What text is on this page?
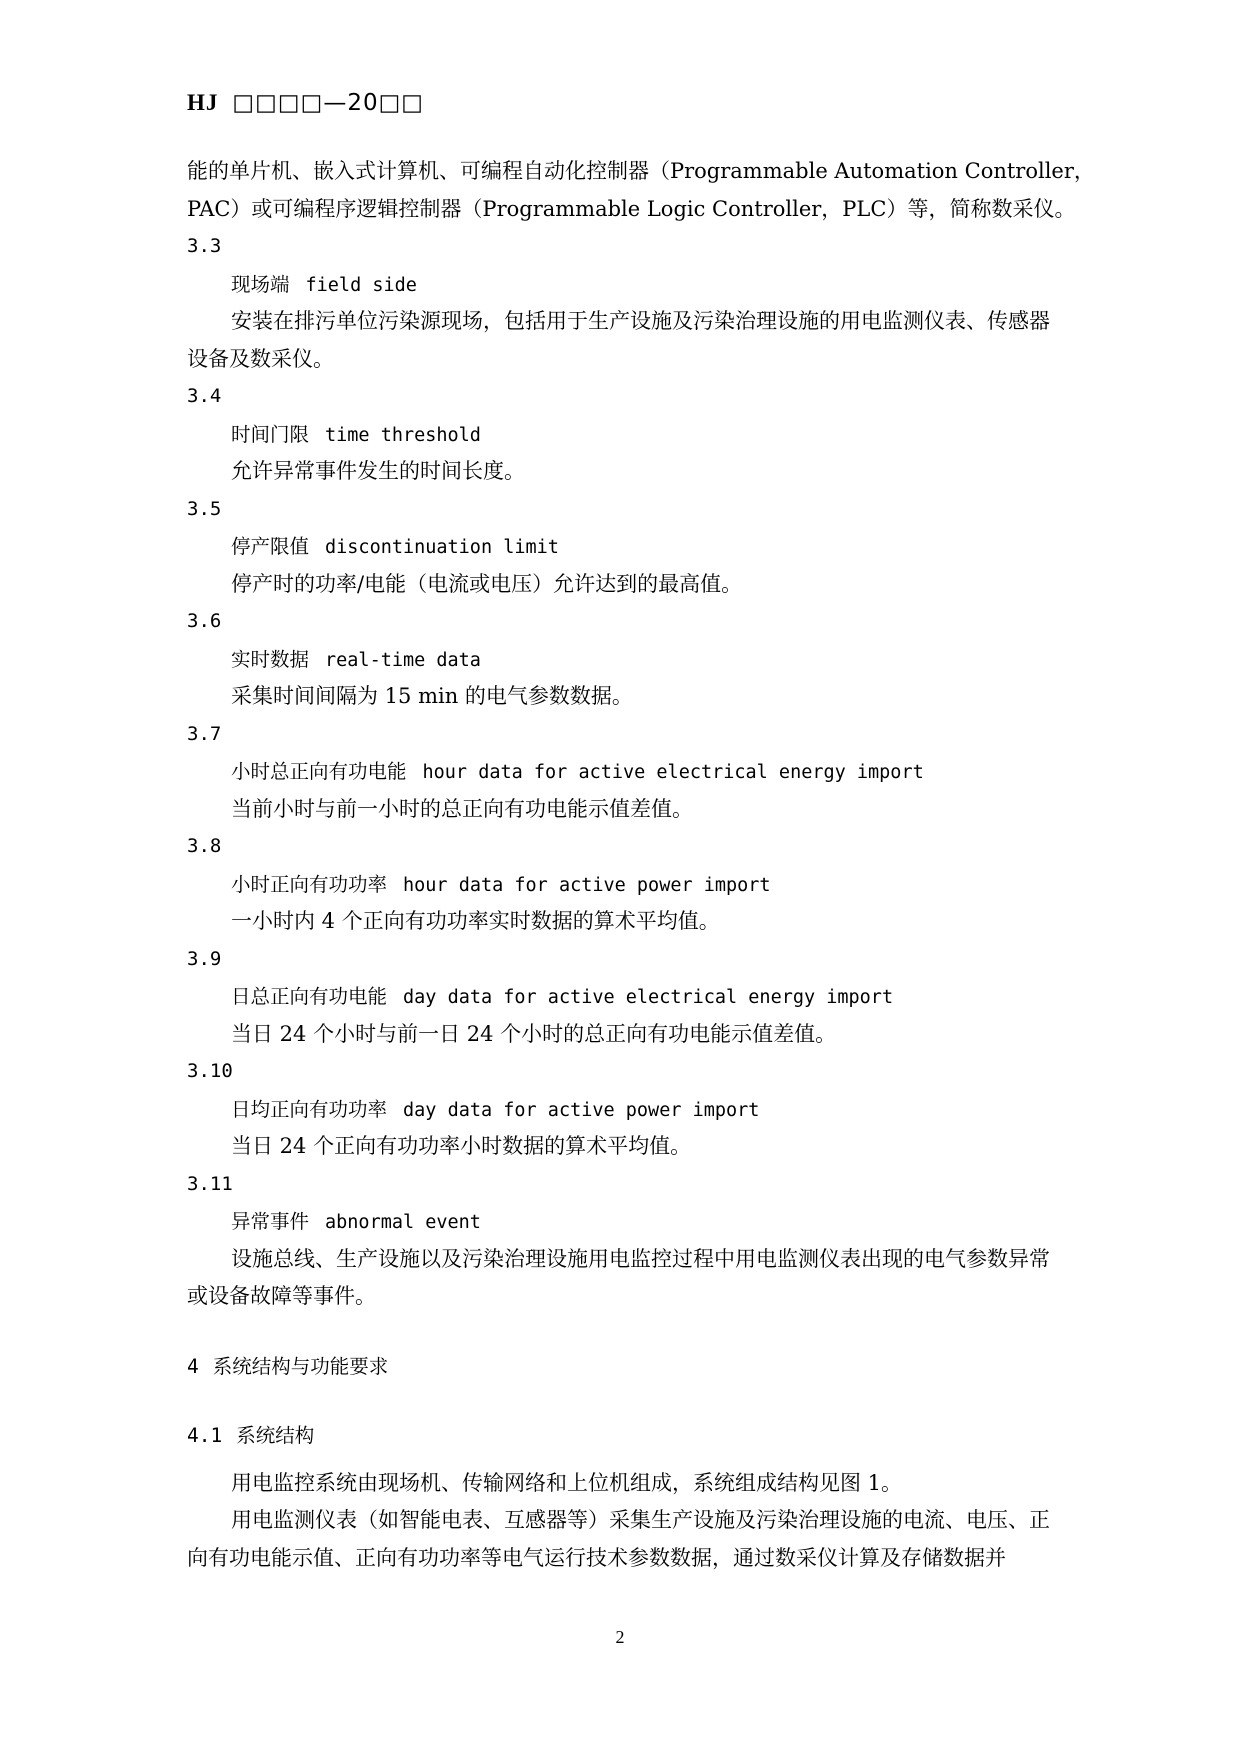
HJ □□□□—20□□
能的单片机、嵌入式计算机、可编程自动化控制器（Programmable Automation Controller，
PAC）或可编程序逻辑控制器（Programmable Logic Controller，PLC）等，简称数采仪。
3.3
现场端 field side
安装在排污单位污染源现场，包括用于生产设施及污染治理设施的用电监测仪表、传感器设备及数采仪。
3.4
时间门限 time threshold
允许异常事件发生的时间长度。
3.5
停产限值 discontinuation limit
停产时的功率/电能（电流或电压）允许达到的最高值。
3.6
实时数据 real-time data
采集时间间隔为 15 min 的电气参数数据。
3.7
小时总正向有功电能 hour data for active electrical energy import
当前小时与前一小时的总正向有功电能示值差值。
3.8
小时正向有功功率 hour data for active power import
一小时内 4 个正向有功功率实时数据的算术平均值。
3.9
日总正向有功电能 day data for active electrical energy import
当日 24 个小时与前一日 24 个小时的总正向有功电能示值差值。
3.10
日均正向有功功率 day data for active power import
当日 24 个正向有功功率小时数据的算术平均值。
3.11
异常事件 abnormal event
设施总线、生产设施以及污染治理设施用电监控过程中用电监测仪表出现的电气参数异常或设备故障等事件。
4 系统结构与功能要求
4.1 系统结构
用电监控系统由现场机、传输网络和上位机组成，系统组成结构见图 1。
用电监测仪表（如智能电表、互感器等）采集生产设施及污染治理设施的电流、电压、正向有功电能示值、正向有功功率等电气运行技术参数数据，通过数采仪计算及存储数据并
2
